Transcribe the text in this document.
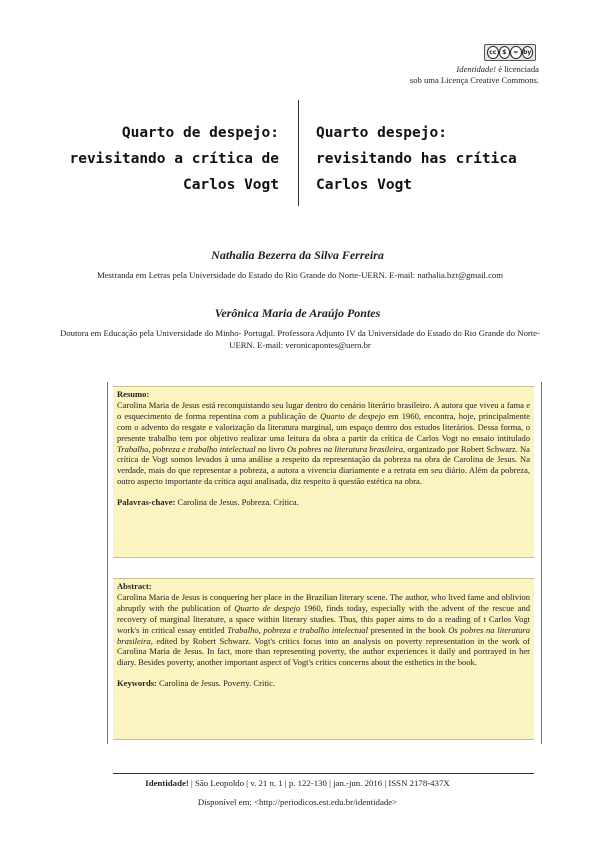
cc $	= by
Identidade! é licenciada
sob uma Licença Creative Commons.
Quarto de despejo:
revisitando a crítica de
Carlos Vogt
Quarto despejo:
revisitando has crítica
Carlos Vogt
Nathalia Bezerra da Silva Ferreira
Mestranda em Letras pela Universidade do Estado do Rio Grande do Norte-UERN. E-mail: nathalia.bzr@gmail.com
Verônica Maria de Araújo Pontes
Doutora em Educação pela Universidade do Minho- Portugal. Professora Adjunto IV da Universidade do Estado do Rio Grande do Norte-UERN. E-mail: veronicapontes@uern.br
Resumo:
Carolina Maria de Jesus está reconquistando seu lugar dentro do cenário literário brasileiro. A autora que viveu a fama e o esquecimento de forma repentina com a publicação de Quarto de despejo em 1960, encontra, hoje, principalmente com o advento do resgate e valorização da literatura marginal, um espaço dentro dos estudos literários. Dessa forma, o presente trabalho tem por objetivo realizar uma leitura da obra a partir da crítica de Carlos Vogt no ensaio intitulado Trabalho, pobreza e trabalho intelectual no livro Os pobres na literatura brasileira, organizado por Robert Schwarz. Na crítica de Vogt somos levados à uma análise a respeito da representação da pobreza na obra de Carolina de Jesus. Na verdade, mais do que representar a pobreza, a autora a vivencia diariamente e a retrata em seu diário. Além da pobreza, outro aspecto importante da crítica aqui analisada, diz respeito à questão estética na obra.
Palavras-chave: Carolina de Jesus. Pobreza. Crítica.
Abstract:
Carolina Maria de Jesus is conquering her place in the Brazilian literary scene. The author, who lived fame and oblivion abruptly with the publication of Quarto de despejo 1960, finds today, especially with the advent of the rescue and recovery of marginal literature, a space within literary studies. Thus, this paper aims to do a reading of t Carlos Vogt work's in critical essay entitled Trabalho, pobreza e trabalho intelectual presented in the book Os pobres na literatura brasileira, edited by Robert Schwarz. Vogt's critics focus into an analysis on poverty representation in the work of Carolina Maria de Jesus. In fact, more than representing poverty, the author experiences it daily and portrayed in her diary. Besides poverty, another important aspect of Vogt's critics concerns about the esthetics in the book.
Keywords: Carolina de Jesus. Poverty. Critic.
Identidade! | São Leopoldo | v. 21 n. 1 | p. 122-130 | jan.-jun. 2016 | ISSN 2178-437X
Disponível em: <http://periodicos.est.edu.br/identidade>
